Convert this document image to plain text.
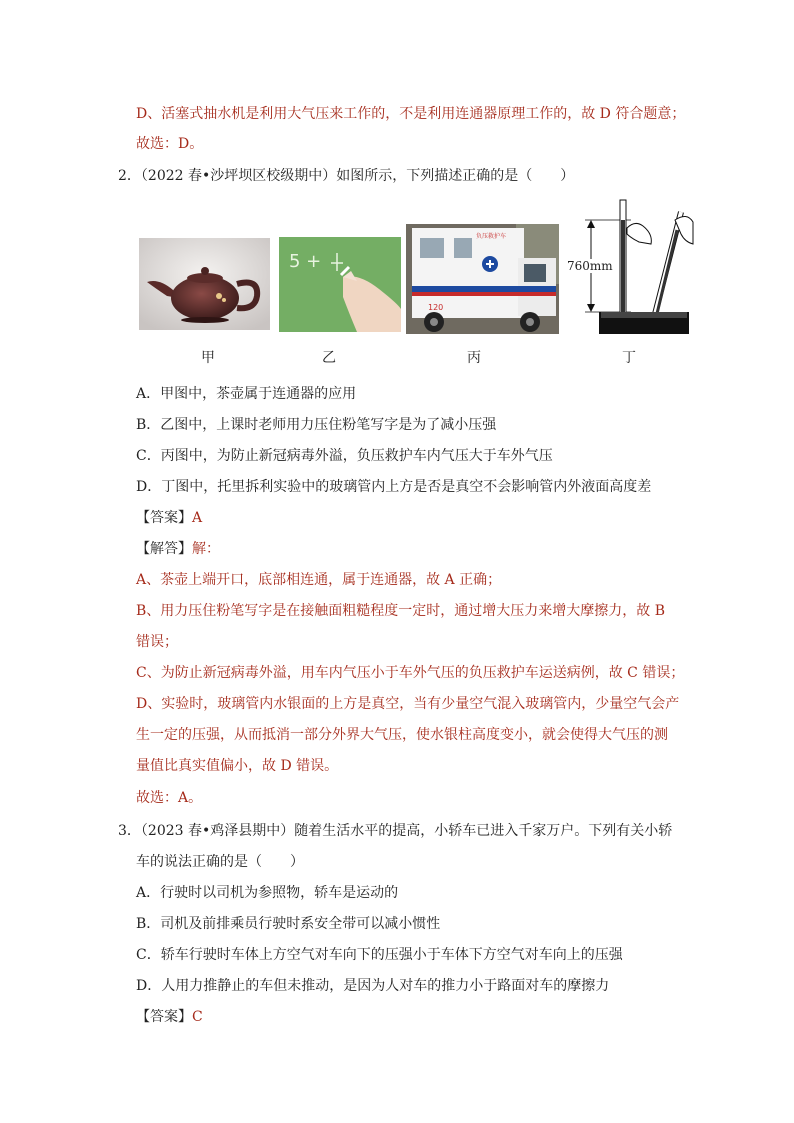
D、活塞式抽水机是利用大气压来工作的，不是利用连通器原理工作的，故 D 符合题意；
故选：D。
2．（2022 春•沙坪坝区校级期中）如图所示，下列描述正确的是（　　）
5 +
负压救护车
120
760mm
甲	乙	丙	丁
A．甲图中，茶壶属于连通器的应用
B．乙图中，上课时老师用力压住粉笔写字是为了减小压强
C．丙图中，为防止新冠病毒外溢，负压救护车内气压大于车外气压
D．丁图中，托里拆利实验中的玻璃管内上方是否是真空不会影响管内外液面高度差
【答案】A
【解答】解：
A、茶壶上端开口，底部相连通，属于连通器，故 A 正确；
B、用力压住粉笔写字是在接触面粗糙程度一定时，通过增大压力来增大摩擦力，故 B
错误；
C、为防止新冠病毒外溢，用车内气压小于车外气压的负压救护车运送病例，故 C 错误；
D、实验时，玻璃管内水银面的上方是真空，当有少量空气混入玻璃管内，少量空气会产
生一定的压强，从而抵消一部分外界大气压，使水银柱高度变小，就会使得大气压的测
量值比真实值偏小，故 D 错误。
故选：A。
3．（2023 春•鸡泽县期中）随着生活水平的提高，小轿车已进入千家万户。下列有关小轿
车的说法正确的是（　　）
A．行驶时以司机为参照物，轿车是运动的
B．司机及前排乘员行驶时系安全带可以减小惯性
C．轿车行驶时车体上方空气对车向下的压强小于车体下方空气对车向上的压强
D．人用力推静止的车但未推动，是因为人对车的推力小于路面对车的摩擦力
【答案】C
